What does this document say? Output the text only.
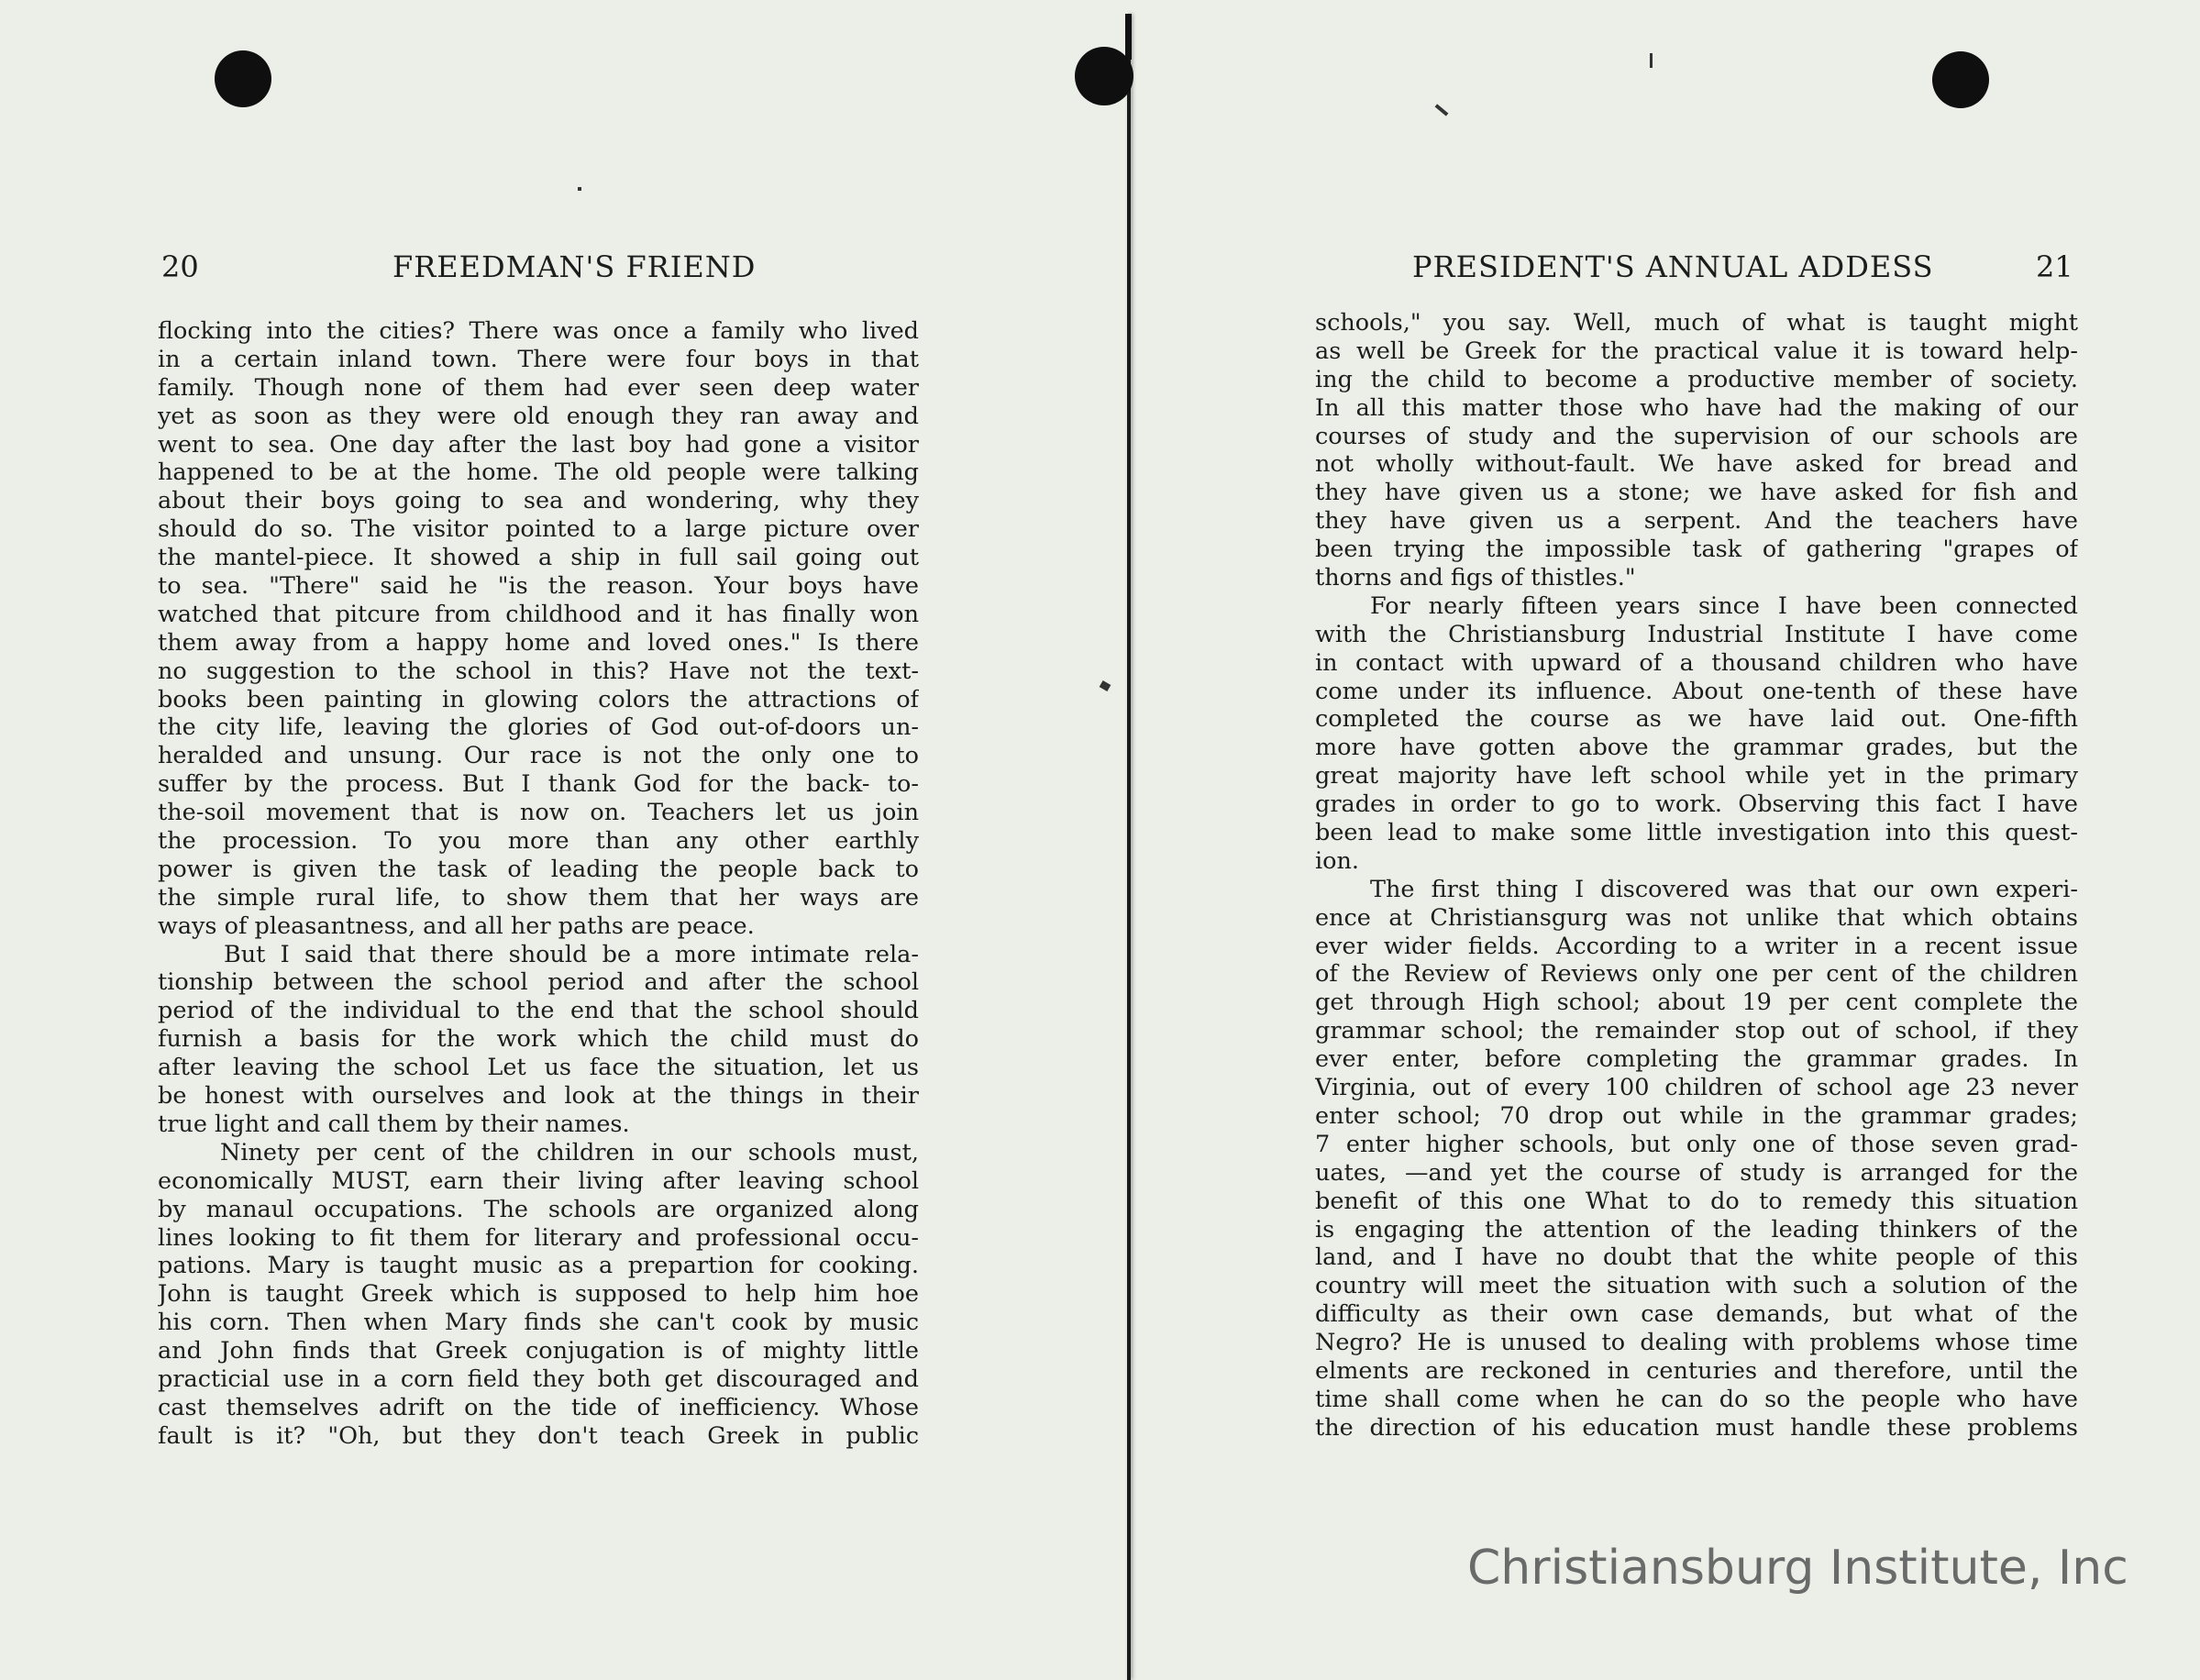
20	FREEDMAN'S FRIEND
flocking into the cities? There was once a family who lived
in a certain inland town. There were four boys in that
family. Though none of them had ever seen deep water
yet as soon as they were old enough they ran away and
went to sea. One day after the last boy had gone a visitor
happened to be at the home. The old people were talking
about their boys going to sea and wondering, why they
should do so. The visitor pointed to a large picture over
the mantel-piece. It showed a ship in full sail going out
to sea. "There" said he "is the reason. Your boys have
watched that pitcure from childhood and it has finally won
them away from a happy home and loved ones." Is there
no suggestion to the school in this? Have not the text-
books been painting in glowing colors the attractions of
the city life, leaving the glories of God out-of-doors un-
heralded and unsung. Our race is not the only one to
suffer by the process. But I thank God for the back- to-
the-soil movement that is now on. Teachers let us join
the procession. To you more than any other earthly
power is given the task of leading the people back to
the simple rural life, to show them that her ways are
ways of pleasantness, and all her paths are peace.
But I said that there should be a more intimate rela-
tionship between the school period and after the school
period of the individual to the end that the school should
furnish a basis for the work which the child must do
after leaving the school Let us face the situation, let us
be honest with ourselves and look at the things in their
true light and call them by their names.
Ninety per cent of the children in our schools must,
economically MUST, earn their living after leaving school
by manaul occupations. The schools are organized along
lines looking to fit them for literary and professional occu-
pations. Mary is taught music as a prepartion for cooking.
John is taught Greek which is supposed to help him hoe
his corn. Then when Mary finds she can't cook by music
and John finds that Greek conjugation is of mighty little
practicial use in a corn field they both get discouraged and
cast themselves adrift on the tide of inefficiency. Whose
fault is it? "Oh, but they don't teach Greek in public
21
PRESIDENT'S ANNUAL ADDESS
schools," you say. Well, much of what is taught might
as well be Greek for the practical value it is toward help-
ing the child to become a productive member of society.
In all this matter those who have had the making of our
courses of study and the supervision of our schools are
not wholly without-fault. We have asked for bread and
they have given us a stone; we have asked for fish and
they have given us a serpent. And the teachers have
been trying the impossible task of gathering "grapes of
thorns and figs of thistles."
For nearly fifteen years since I have been connected
with the Christiansburg Industrial Institute I have come
in contact with upward of a thousand children who have
come under its influence. About one-tenth of these have
completed the course as we have laid out. One-fifth
more have gotten above the grammar grades, but the
great majority have left school while yet in the primary
grades in order to go to work. Observing this fact I have
been lead to make some little investigation into this quest-
ion.
The first thing I discovered was that our own experi-
ence at Christiansgurg was not unlike that which obtains
ever wider fields. According to a writer in a recent issue
of the Review of Reviews only one per cent of the children
get through High school; about 19 per cent complete the
grammar school; the remainder stop out of school, if they
ever enter, before completing the grammar grades. In
Virginia, out of every 100 children of school age 23 never
enter school; 70 drop out while in the grammar grades;
7 enter higher schools, but only one of those seven grad-
uates, —and yet the course of study is arranged for the
benefit of this one What to do to remedy this situation
is engaging the attention of the leading thinkers of the
land, and I have no doubt that the white people of this
country will meet the situation with such a solution of the
difficulty as their own case demands, but what of the
Negro? He is unused to dealing with problems whose time
elments are reckoned in centuries and therefore, until the
time shall come when he can do so the people who have
the direction of his education must handle these problems
Christiansburg Institute, Inc
